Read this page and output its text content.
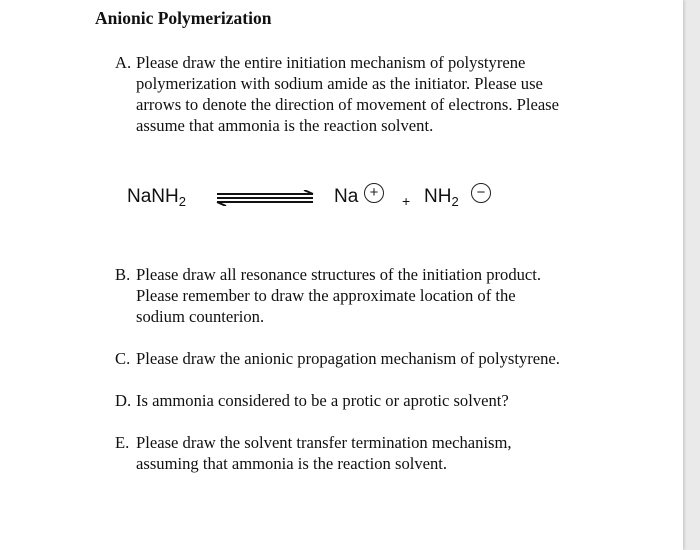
Anionic Polymerization
A. Please draw the entire initiation mechanism of polystyrene
polymerization with sodium amide as the initiator. Please use
arrows to denote the direction of movement of electrons. Please
assume that ammonia is the reaction solvent.
NaNH$_2$	Na +	+ $NH_2$
−
B. Please draw all resonance structures of the initiation product.
Please remember to draw the approximate location of the
sodium counterion.
C. Please draw the anionic propagation mechanism of polystyrene.
D. Is ammonia considered to be a protic or aprotic solvent?
E. Please draw the solvent transfer termination mechanism,
assuming that ammonia is the reaction solvent.
